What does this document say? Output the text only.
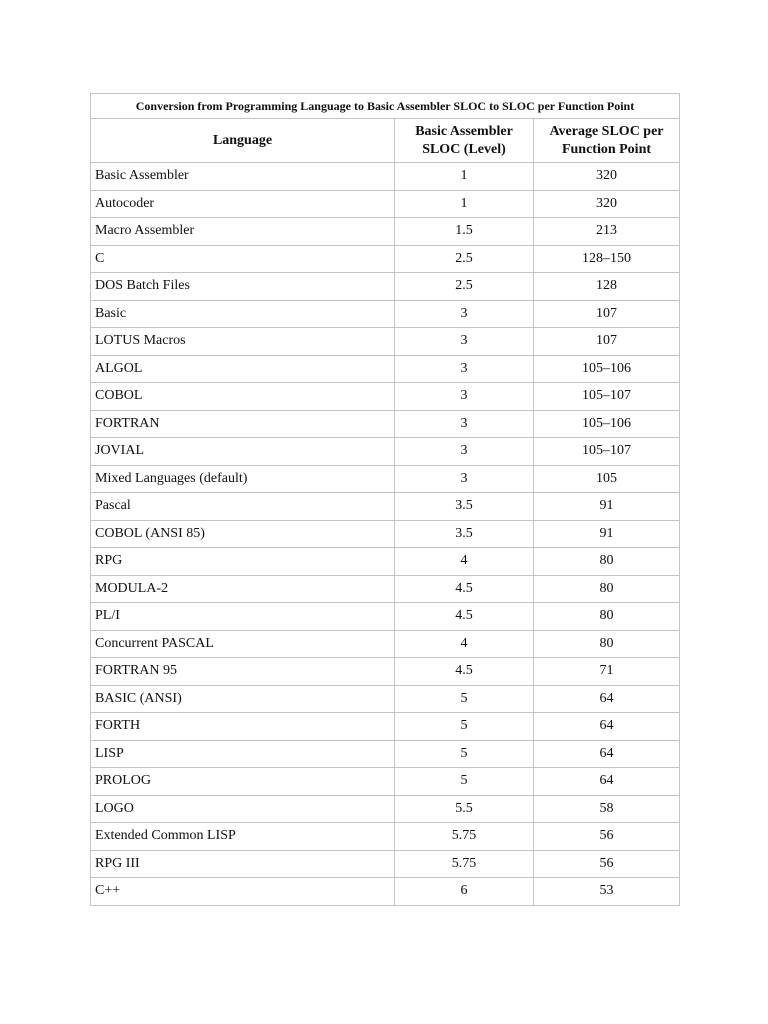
Conversion from Programming Language to Basic Assembler SLOC to SLOC per Function Point		
Language	Basic Assembler SLOC (Level)	Average SLOC per Function Point
Basic Assembler	1	320
Autocoder	1	320
Macro Assembler	1.5	213
C	2.5	128–150
DOS Batch Files	2.5	128
Basic	3	107
LOTUS Macros	3	107
ALGOL	3	105–106
COBOL	3	105–107
FORTRAN	3	105–106
JOVIAL	3	105–107
Mixed Languages (default)	3	105
Pascal	3.5	91
COBOL (ANSI 85)	3.5	91
RPG	4	80
MODULA-2	4.5	80
PL/I	4.5	80
Concurrent PASCAL	4	80
FORTRAN 95	4.5	71
BASIC (ANSI)	5	64
FORTH	5	64
LISP	5	64
PROLOG	5	64
LOGO	5.5	58
Extended Common LISP	5.75	56
RPG III	5.75	56
C++	6	53
